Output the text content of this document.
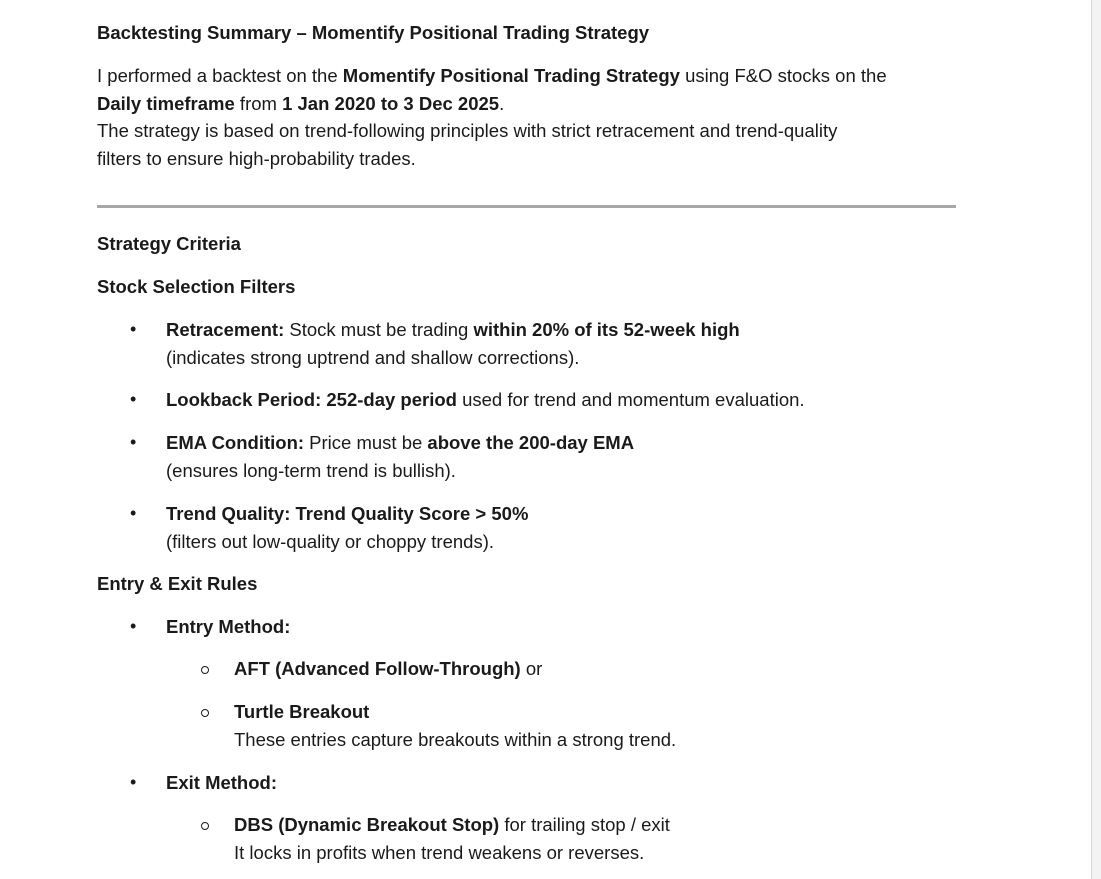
Backtesting Summary – Momentify Positional Trading Strategy
I performed a backtest on the Momentify Positional Trading Strategy using F&O stocks on the
Daily timeframe from 1 Jan 2020 to 3 Dec 2025.
The strategy is based on trend-following principles with strict retracement and trend-quality
filters to ensure high-probability trades.
Strategy Criteria
Stock Selection Filters
• Retracement: Stock must be trading within 20% of its 52-week high
(indicates strong uptrend and shallow corrections).
• Lookback Period: 252-day period used for trend and momentum evaluation.
• EMA Condition: Price must be above the 200-day EMA
(ensures long-term trend is bullish).
• Trend Quality: Trend Quality Score > 50%
(filters out low-quality or choppy trends).
Entry & Exit Rules
• Entry Method:
AFT (Advanced Follow-Through) or
Turtle Breakout
These entries capture breakouts within a strong trend.
• Exit Method:
DBS (Dynamic Breakout Stop) for trailing stop / exit
It locks in profits when trend weakens or reverses.
